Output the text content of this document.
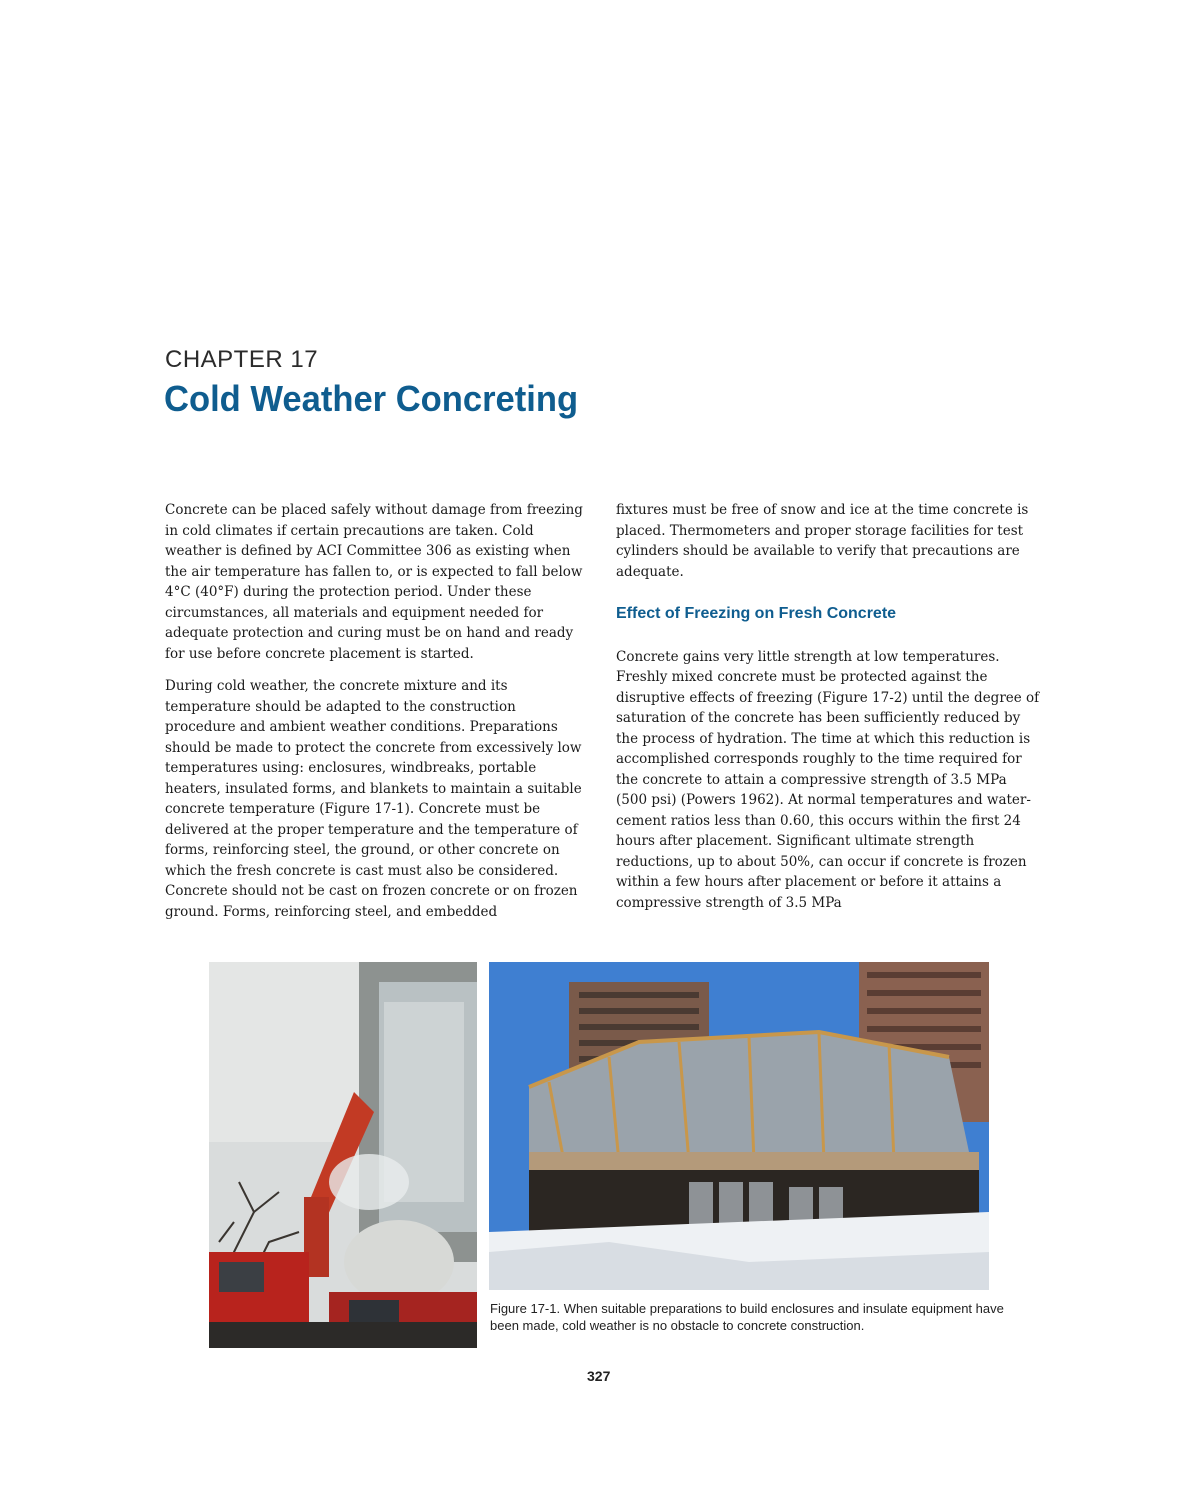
CHAPTER 17
Cold Weather Concreting

Concrete can be placed safely without damage from freezing in cold climates if certain precautions are taken. Cold weather is defined by ACI Committee 306 as existing when the air temperature has fallen to, or is expected to fall below 4°C (40°F) during the protection period. Under these circumstances, all materials and equipment needed for adequate protection and curing must be on hand and ready for use before concrete placement is started.

During cold weather, the concrete mixture and its temperature should be adapted to the construction procedure and ambient weather conditions. Preparations should be made to protect the concrete from excessively low temperatures using: enclosures, windbreaks, portable heaters, insulated forms, and blankets to maintain a suitable concrete temperature (Figure 17-1). Concrete must be delivered at the proper temperature and the temperature of forms, reinforcing steel, the ground, or other concrete on which the fresh concrete is cast must also be considered. Concrete should not be cast on frozen concrete or on frozen ground. Forms, reinforcing steel, and embedded

fixtures must be free of snow and ice at the time concrete is placed. Thermometers and proper storage facilities for test cylinders should be available to verify that precautions are adequate.

Effect of Freezing on Fresh Concrete

Concrete gains very little strength at low temperatures. Freshly mixed concrete must be protected against the disruptive effects of freezing (Figure 17-2) until the degree of saturation of the concrete has been sufficiently reduced by the process of hydration. The time at which this reduction is accomplished corresponds roughly to the time required for the concrete to attain a compressive strength of 3.5 MPa (500 psi) (Powers 1962). At normal temperatures and water-cement ratios less than 0.60, this occurs within the first 24 hours after placement. Significant ultimate strength reductions, up to about 50%, can occur if concrete is frozen within a few hours after placement or before it attains a compressive strength of 3.5 MPa

Figure 17-1. When suitable preparations to build enclosures and insulate equipment have been made, cold weather is no obstacle to concrete construction.
327
